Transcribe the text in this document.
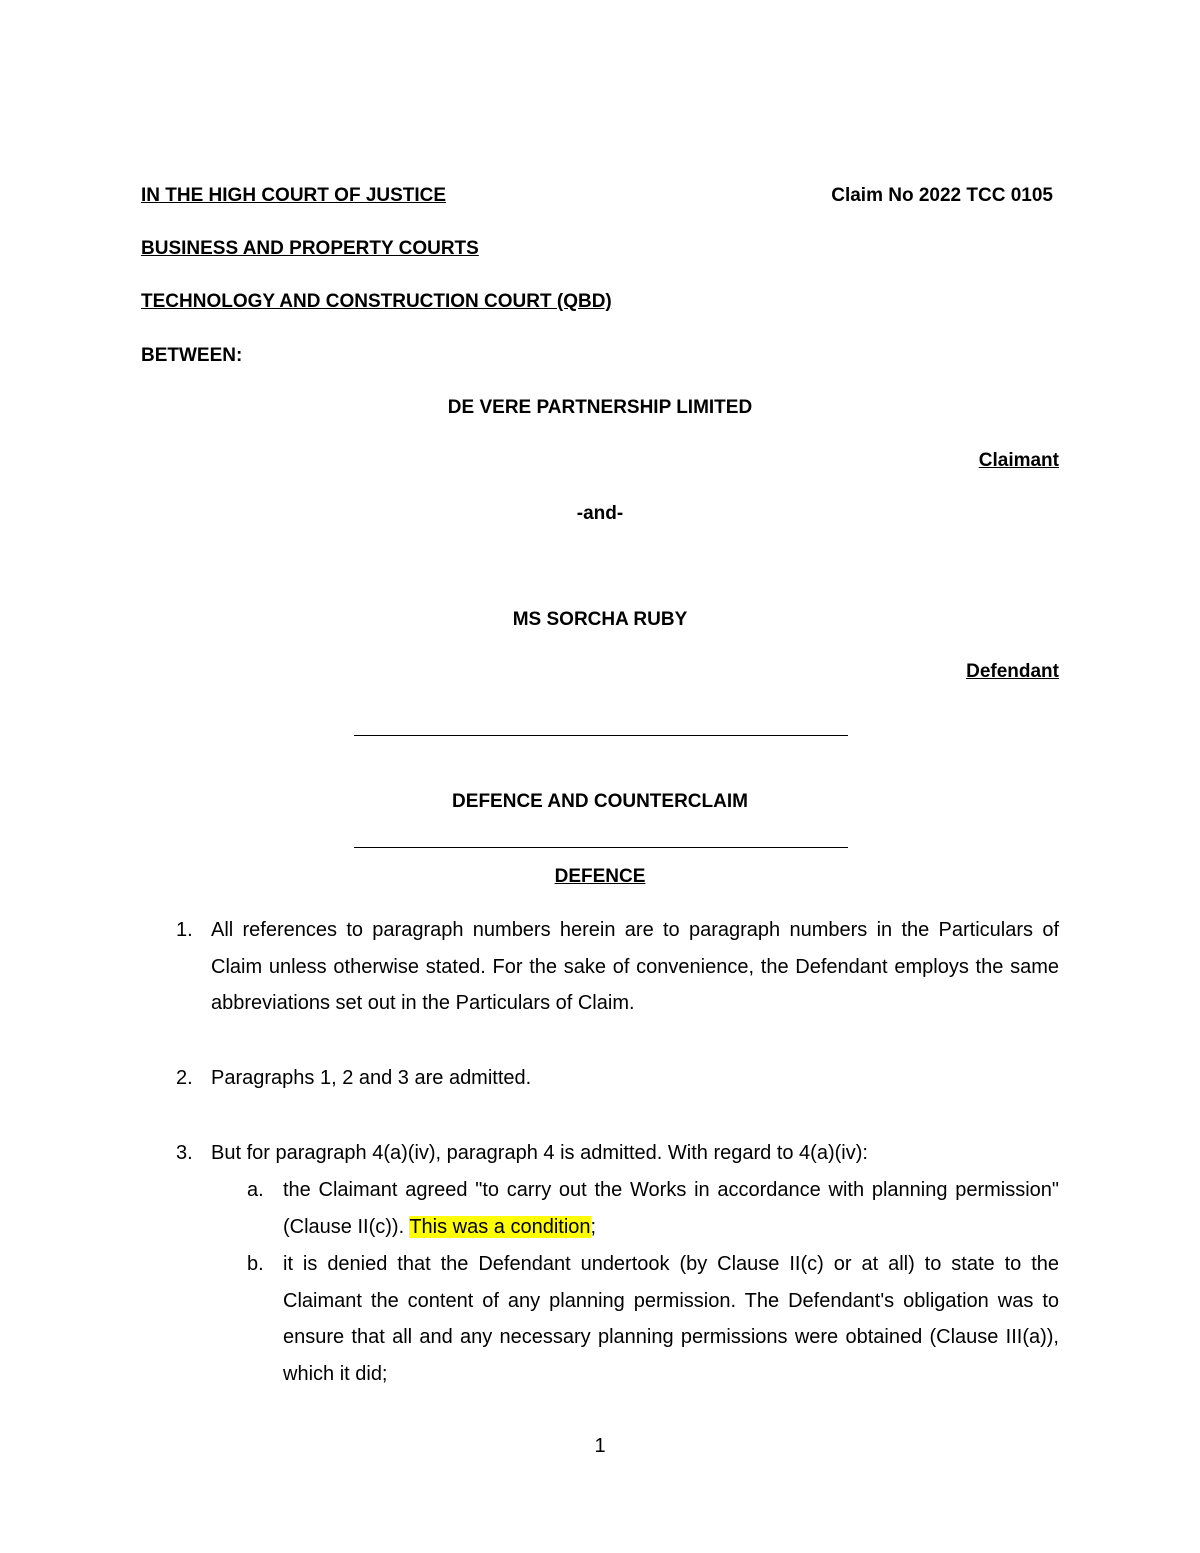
IN THE HIGH COURT OF JUSTICE	Claim No 2022 TCC 0105
BUSINESS AND PROPERTY COURTS
TECHNOLOGY AND CONSTRUCTION COURT (QBD)
BETWEEN:
DE VERE PARTNERSHIP LIMITED
Claimant
-and-
MS SORCHA RUBY
Defendant
DEFENCE AND COUNTERCLAIM
DEFENCE
1. All references to paragraph numbers herein are to paragraph numbers in the Particulars of Claim unless otherwise stated. For the sake of convenience, the Defendant employs the same abbreviations set out in the Particulars of Claim.
2. Paragraphs 1, 2 and 3 are admitted.
3. But for paragraph 4(a)(iv), paragraph 4 is admitted. With regard to 4(a)(iv):
a. the Claimant agreed "to carry out the Works in accordance with planning permission" (Clause II(c)). This was a condition;
b. it is denied that the Defendant undertook (by Clause II(c) or at all) to state to the Claimant the content of any planning permission. The Defendant's obligation was to ensure that all and any necessary planning permissions were obtained (Clause III(a)), which it did;
1
